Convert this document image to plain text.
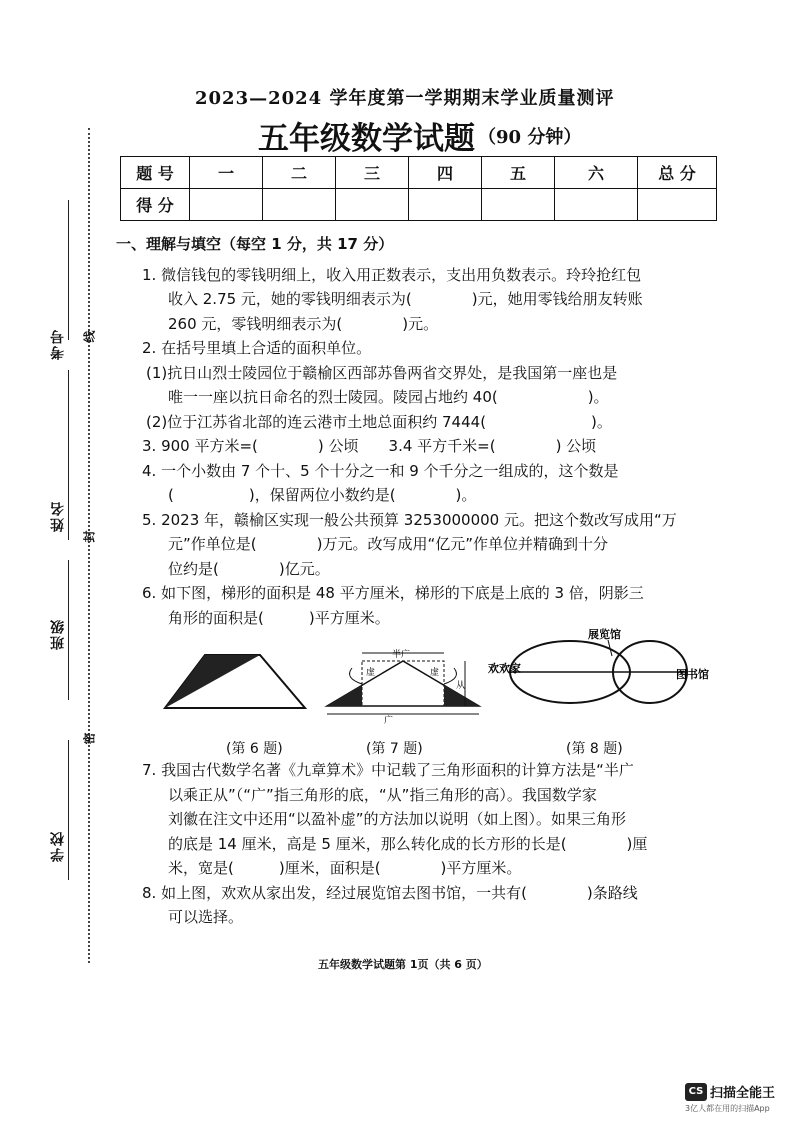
考号
姓名
班级
学校
线
封
密
2023—2024 学年度第一学期期末学业质量测评
五年级数学试题 （90 分钟）
题 号	一	二	三	四	五	六	总 分
得 分							
一、理解与填空（每空 1 分，共 17 分）
1. 微信钱包的零钱明细上，收入用正数表示，支出用负数表示。玲玲抢红包
收入 2.75 元，她的零钱明细表示为(　　　　)元，她用零钱给朋友转账
260 元，零钱明细表示为(　　　　)元。
2. 在括号里填上合适的面积单位。
(1)抗日山烈士陵园位于赣榆区西部苏鲁两省交界处，是我国第一座也是
唯一一座以抗日命名的烈士陵园。陵园占地约 40(　　　　　　)。
(2)位于江苏省北部的连云港市土地总面积约 7444(　　　　　　　)。
3. 900 平方米=(　　　　) 公顷　　3.4 平方千米=(　　　　) 公顷
4. 一个小数由 7 个十、5 个十分之一和 9 个千分之一组成的，这个数是
(　　　　　)，保留两位小数约是(　　　　)。
5. 2023 年，赣榆区实现一般公共预算 3253000000 元。把这个数改写成用“万
元”作单位是(　　　　)万元。改写成用“亿元”作单位并精确到十分
位约是(　　　　)亿元。
6. 如下图，梯形的面积是 48 平方厘米，梯形的下底是上底的 3 倍，阴影三
角形的面积是(　　　)平方厘米。
半广
虚	虚
从
广
欢欢家
展览馆
图书馆
(第 6 题)	(第 7 题)	(第 8 题)
7. 我国古代数学名著《九章算术》中记载了三角形面积的计算方法是“半广
以乘正从”（“广”指三角形的底，“从”指三角形的高）。我国数学家
刘徽在注文中还用“以盈补虚”的方法加以说明（如上图）。如果三角形
的底是 14 厘米，高是 5 厘米，那么转化成的长方形的长是(　　　　)厘
米，宽是(　　　)厘米，面积是(　　　　)平方厘米。
8. 如上图，欢欢从家出发，经过展览馆去图书馆，一共有(　　　　)条路线
可以选择。
五年级数学试题第 1页（共 6 页）
CS 扫描全能王
3亿人都在用的扫描App
